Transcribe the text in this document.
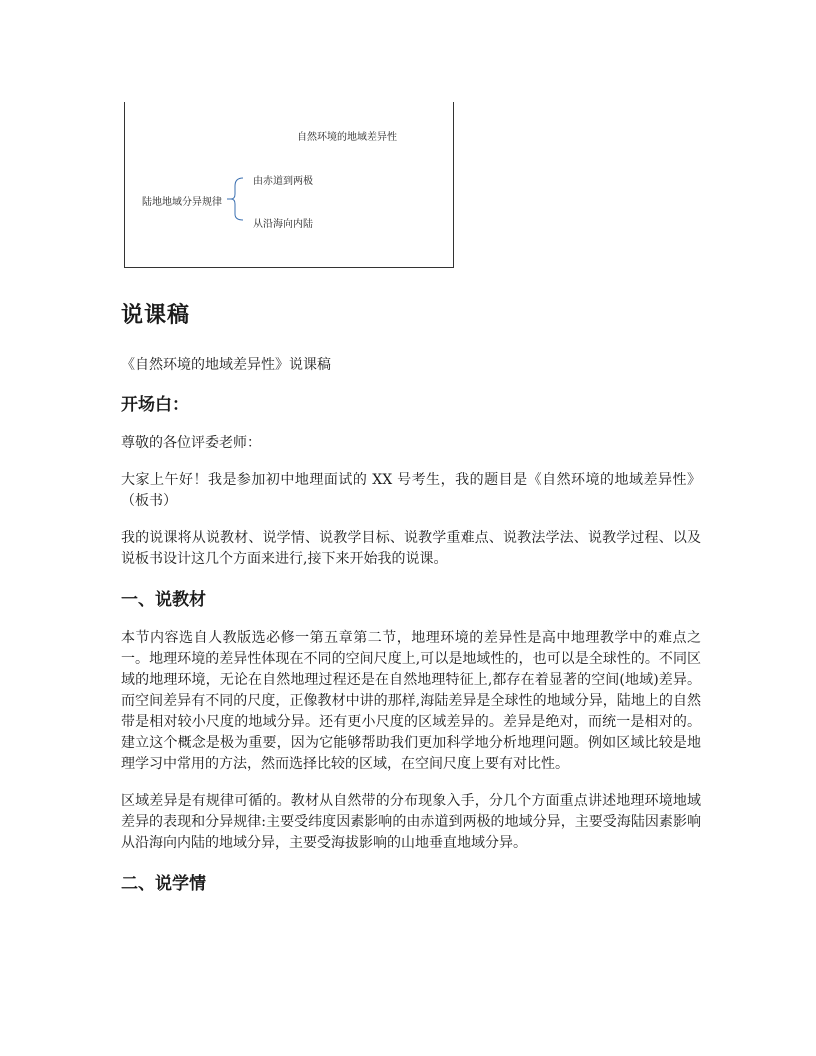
自然环境的地域差异性
陆地地域分异规律
由赤道到两极
从沿海向内陆
说课稿

《自然环境的地域差异性》说课稿

开场白：

尊敬的各位评委老师：

大家上午好！我是参加初中地理面试的 XX 号考生，我的题目是《自然环境的地域差异性》（板书）

我的说课将从说教材、说学情、说教学目标、说教学重难点、说教法学法、说教学过程、以及说板书设计这几个方面来进行,接下来开始我的说课。

一、说教材

本节内容选自人教版选必修一第五章第二节，地理环境的差异性是高中地理教学中的难点之一。地理环境的差异性体现在不同的空间尺度上,可以是地域性的，也可以是全球性的。不同区域的地理环境，无论在自然地理过程还是在自然地理特征上,都存在着显著的空间(地域)差异。而空间差异有不同的尺度，正像教材中讲的那样,海陆差异是全球性的地域分异，陆地上的自然带是相对较小尺度的地域分异。还有更小尺度的区域差异的。差异是绝对，而统一是相对的。 建立这个概念是极为重要，因为它能够帮助我们更加科学地分析地理问题。例如区域比较是地理学习中常用的方法，然而选择比较的区域，在空间尺度上要有对比性。

区域差异是有规律可循的。教材从自然带的分布现象入手，分几个方面重点讲述地理环境地域差异的表现和分异规律:主要受纬度因素影响的由赤道到两极的地域分异，主要受海陆因素影响从沿海向内陆的地域分异，主要受海拔影响的山地垂直地域分异。

二、说学情
